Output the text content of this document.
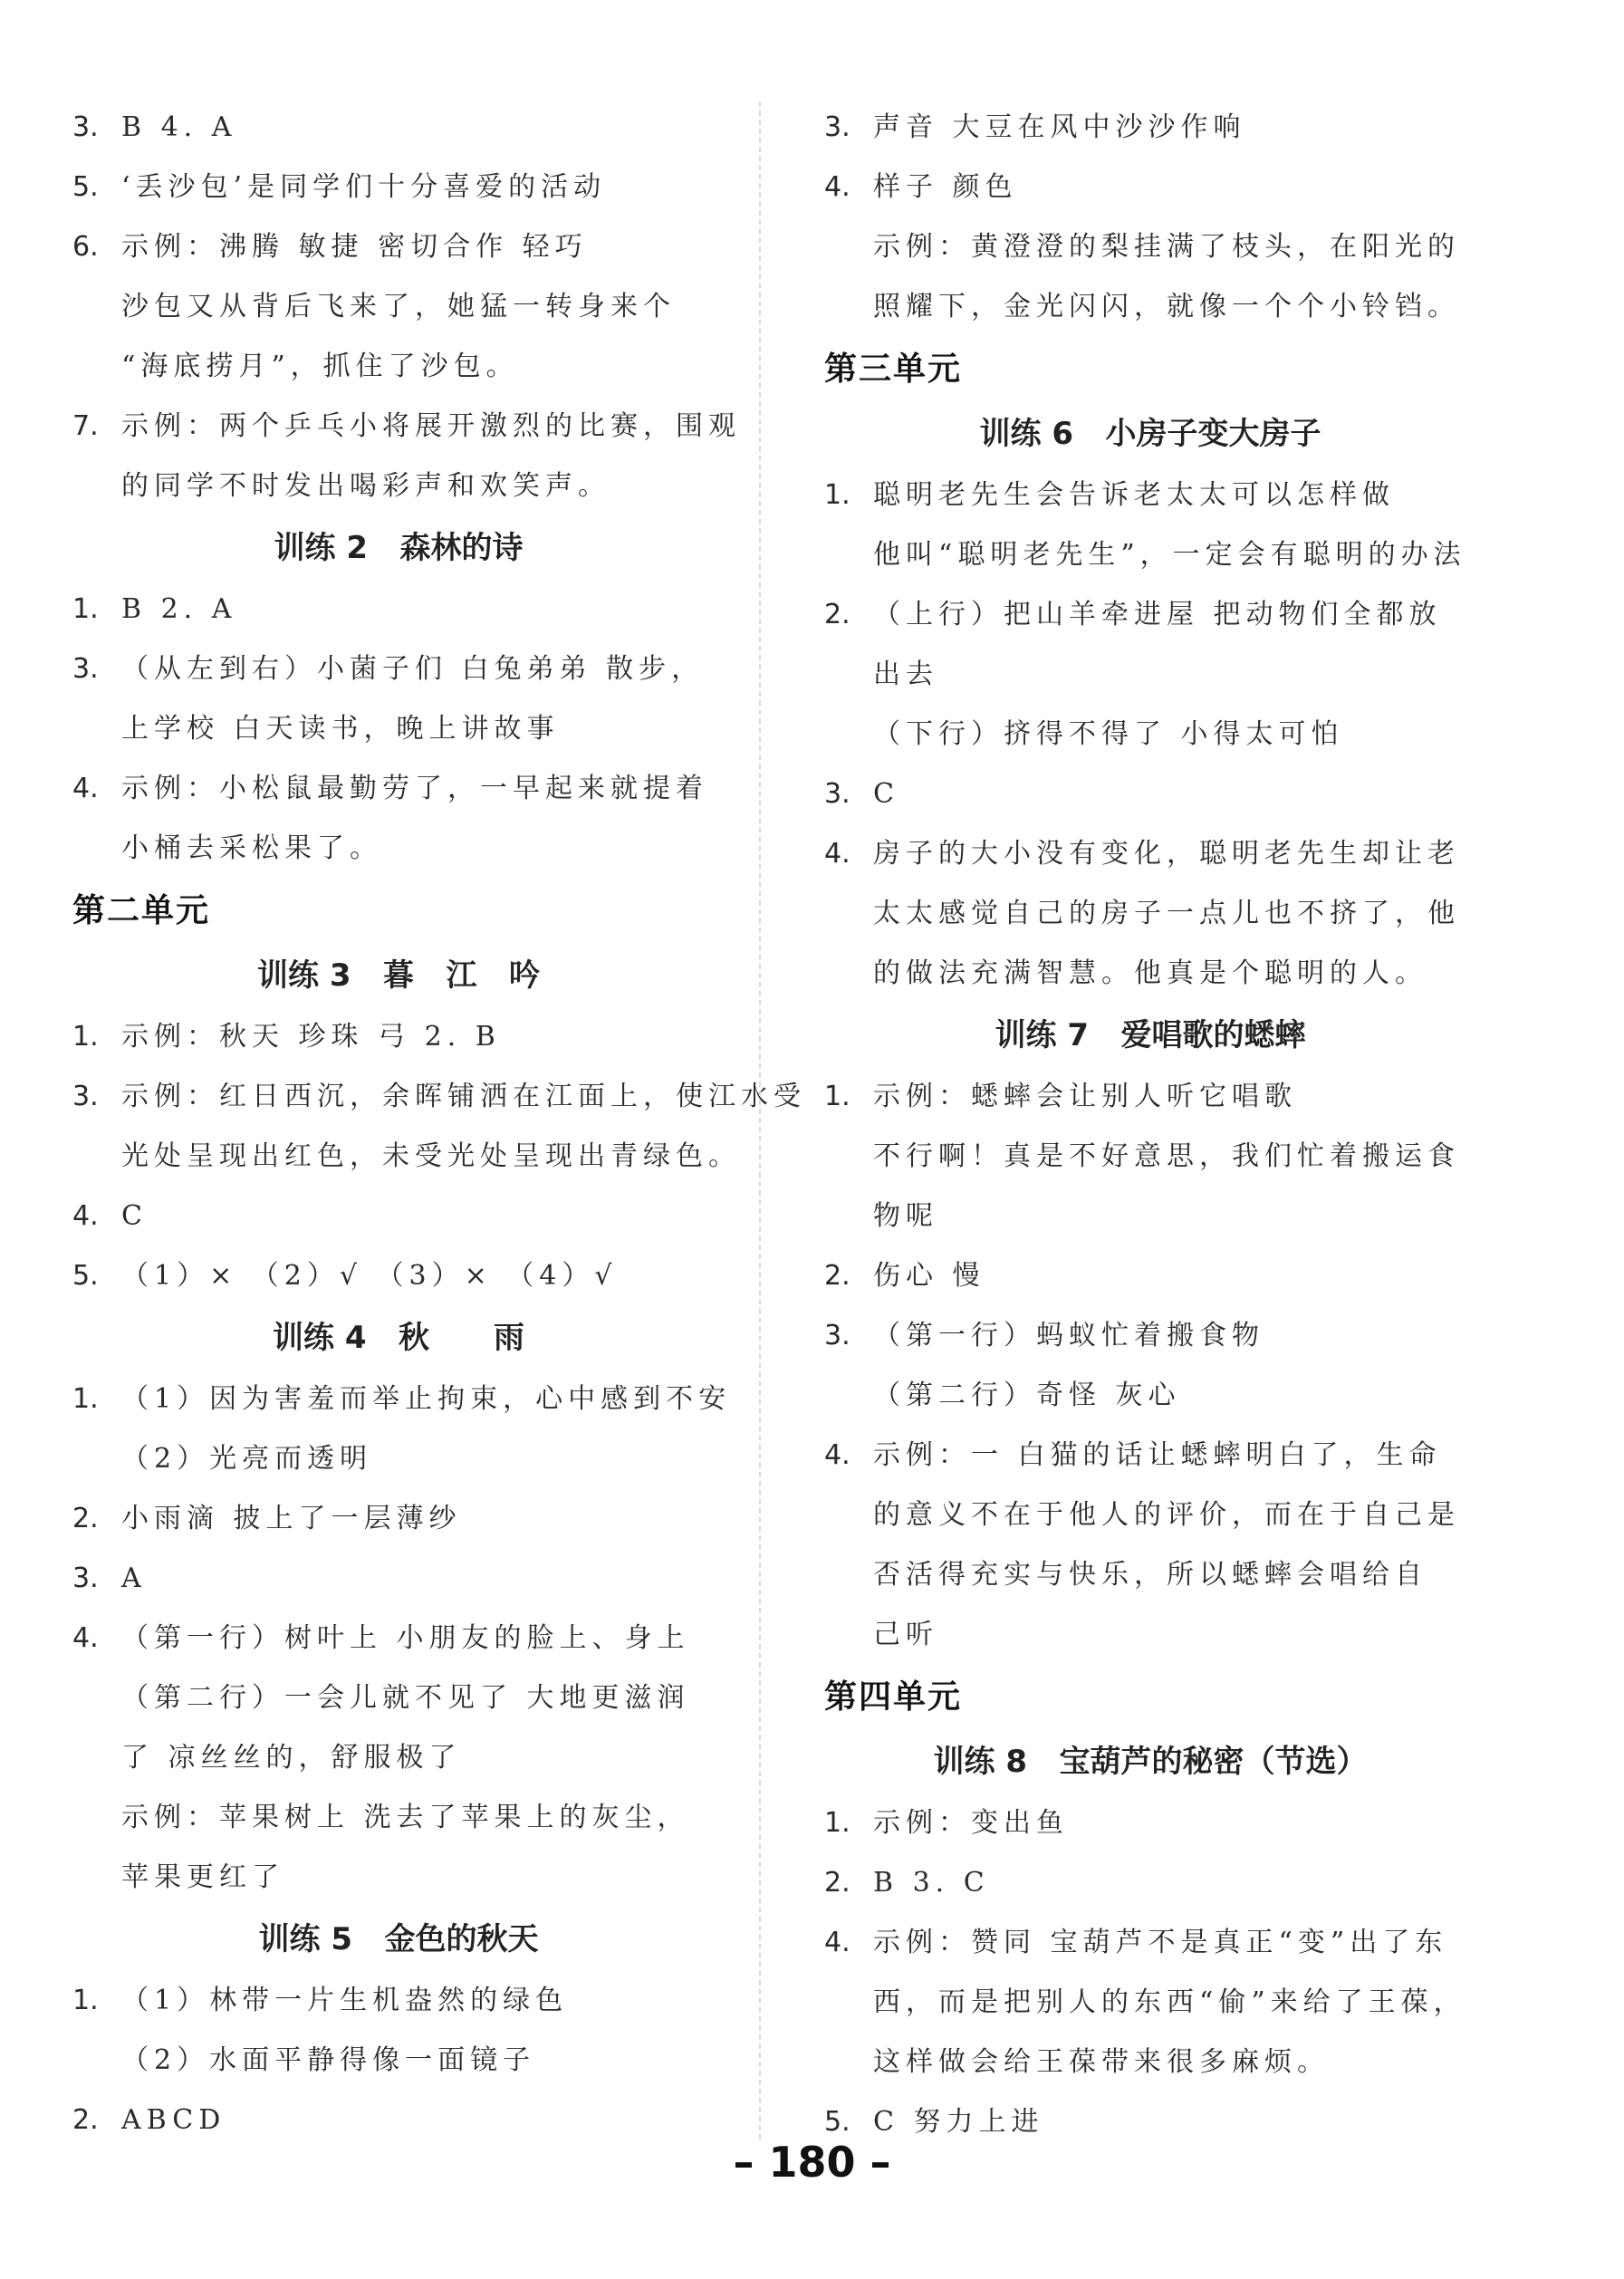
3. B 4. A
5. ‘丢沙包’是同学们十分喜爱的活动
6. 示例：沸腾 敏捷 密切合作 轻巧
沙包又从背后飞来了，她猛一转身来个
“海底捞月”，抓住了沙包。
7. 示例：两个乒乓小将展开激烈的比赛，围观
的同学不时发出喝彩声和欢笑声。
训练 2   森林的诗
1. B 2. A
3. （从左到右）小菌子们 白兔弟弟 散步，
上学校 白天读书，晚上讲故事
4. 示例：小松鼠最勤劳了，一早起来就提着
小桶去采松果了。
第二单元
训练 3   暮   江   吟
1. 示例：秋天 珍珠 弓 2. B
3. 示例：红日西沉，余晖铺洒在江面上，使江水受
光处呈现出红色，未受光处呈现出青绿色。
4. C
5. （1）× （2）√ （3）× （4）√
训练 4   秋      雨
1. （1）因为害羞而举止拘束，心中感到不安
（2）光亮而透明
2. 小雨滴 披上了一层薄纱
3. A
4. （第一行）树叶上 小朋友的脸上、身上
（第二行）一会儿就不见了 大地更滋润
了 凉丝丝的，舒服极了
示例：苹果树上 洗去了苹果上的灰尘，
苹果更红了
训练 5   金色的秋天
1. （1）林带一片生机盎然的绿色
（2）水面平静得像一面镜子
2. ABCD
3. 声音 大豆在风中沙沙作响
4. 样子 颜色
示例：黄澄澄的梨挂满了枝头，在阳光的
照耀下，金光闪闪，就像一个个小铃铛。
第三单元
训练 6   小房子变大房子
1. 聪明老先生会告诉老太太可以怎样做
他叫“聪明老先生”，一定会有聪明的办法
2. （上行）把山羊牵进屋 把动物们全都放
出去
（下行）挤得不得了 小得太可怕
3. C
4. 房子的大小没有变化，聪明老先生却让老
太太感觉自己的房子一点儿也不挤了，他
的做法充满智慧。他真是个聪明的人。
训练 7   爱唱歌的蟋蟀
1. 示例：蟋蟀会让别人听它唱歌
不行啊！真是不好意思，我们忙着搬运食
物呢
2. 伤心 慢
3. （第一行）蚂蚁忙着搬食物
（第二行）奇怪 灰心
4. 示例：一 白猫的话让蟋蟀明白了，生命
的意义不在于他人的评价，而在于自己是
否活得充实与快乐，所以蟋蟀会唱给自
己听
第四单元
训练 8   宝葫芦的秘密（节选）
1. 示例：变出鱼
2. B 3. C
4. 示例：赞同 宝葫芦不是真正“变”出了东
西，而是把别人的东西“偷”来给了王葆，
这样做会给王葆带来很多麻烦。
5. C 努力上进
– 180 –
